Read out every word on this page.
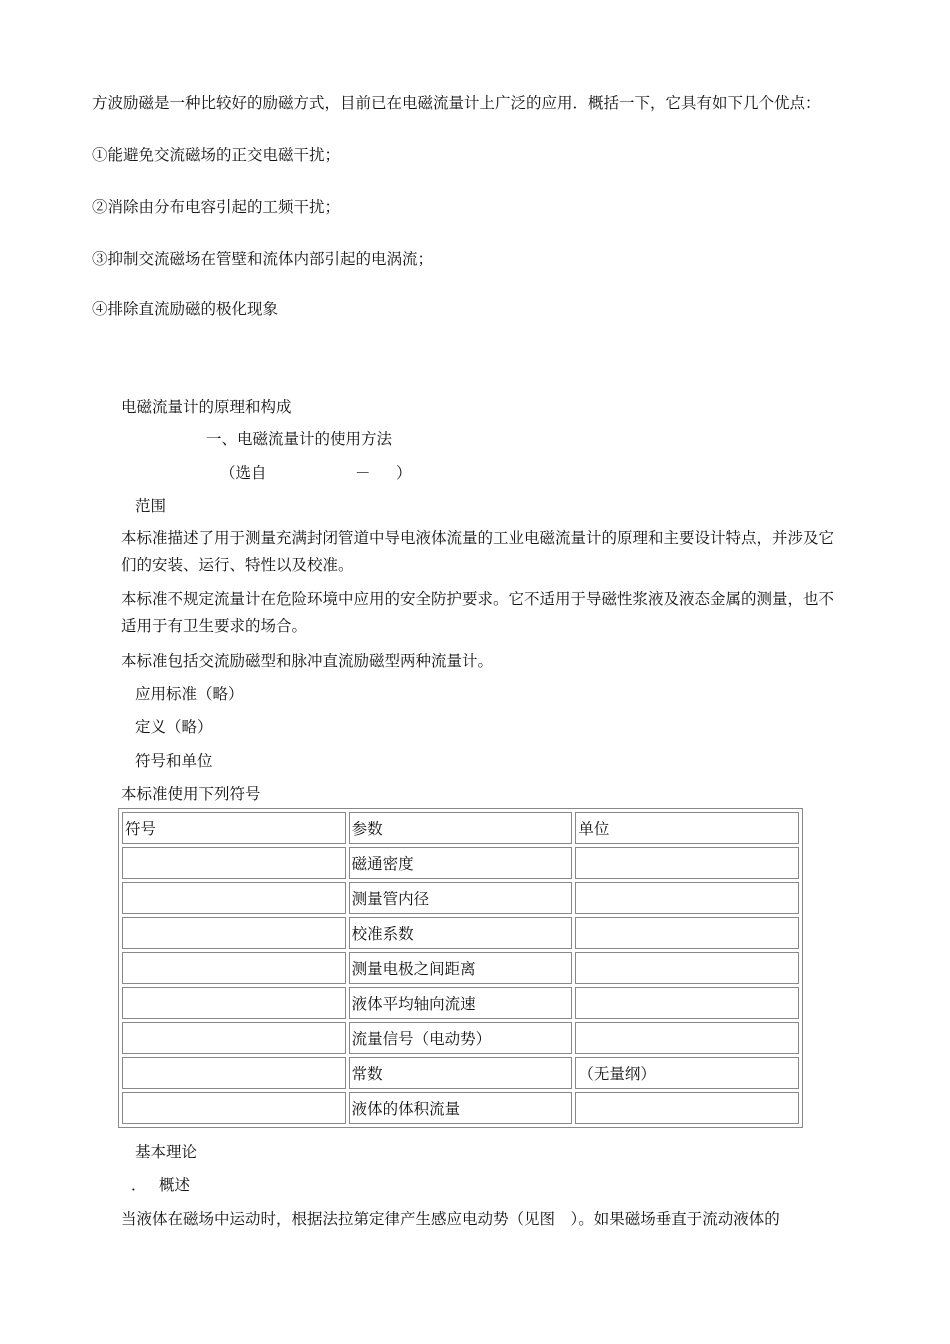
方波励磁是一种比较好的励磁方式，目前已在电磁流量计上广泛的应用．概括一下，它具有如下几个优点：
①能避免交流磁场的正交电磁干扰；
②消除由分布电容引起的工频干扰；
③抑制交流磁场在管壁和流体内部引起的电涡流；
④排除直流励磁的极化现象
电磁流量计的原理和构成
一、电磁流量计的使用方法
（选自	－ ）
范围
本标准描述了用于测量充满封闭管道中导电液体流量的工业电磁流量计的原理和主要设计特点，并涉及它们的安装、运行、特性以及校准。
本标准不规定流量计在危险环境中应用的安全防护要求。它不适用于导磁性浆液及液态金属的测量，也不适用于有卫生要求的场合。
本标准包括交流励磁型和脉冲直流励磁型两种流量计。
应用标准（略）
定义（略）
符号和单位
本标准使用下列符号
符号	参数	单位
	磁通密度	
	测量管内径	
	校准系数	
	测量电极之间距离	
	液体平均轴向流速	
	流量信号（电动势）	
	常数	（无量纲）
	液体的体积流量	
基本理论
． 概述
当液体在磁场中运动时，根据法拉第定律产生感应电动势（见图　）。如果磁场垂直于流动液体的
